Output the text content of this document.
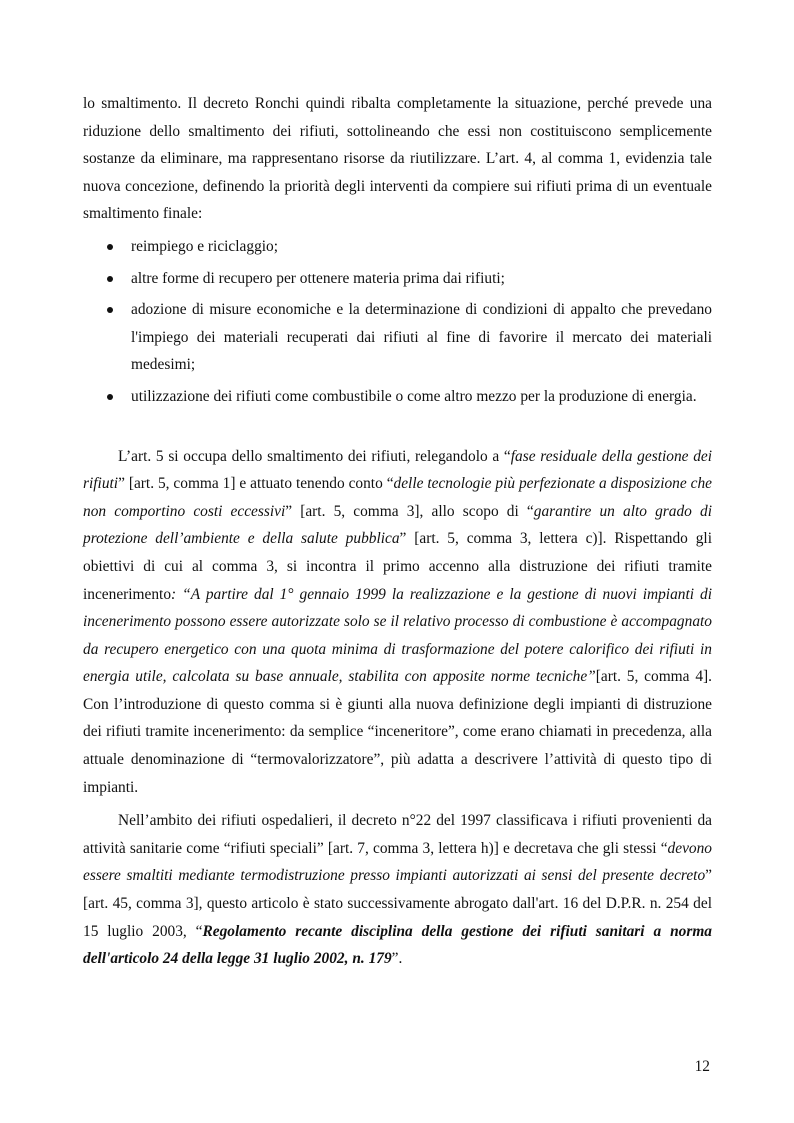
lo smaltimento. Il decreto Ronchi quindi ribalta completamente la situazione, perché prevede una riduzione dello smaltimento dei rifiuti, sottolineando che essi non costituiscono semplicemente sostanze da eliminare, ma rappresentano risorse da riutilizzare. L’art. 4, al comma 1, evidenzia tale nuova concezione, definendo la priorità degli interventi da compiere sui rifiuti prima di un eventuale smaltimento finale:

reimpiego e riciclaggio;
altre forme di recupero per ottenere materia prima dai rifiuti;
adozione di misure economiche e la determinazione di condizioni di appalto che prevedano l'impiego dei materiali recuperati dai rifiuti al fine di favorire il mercato dei materiali medesimi;
utilizzazione dei rifiuti come combustibile o come altro mezzo per la produzione di energia.

L’art. 5 si occupa dello smaltimento dei rifiuti, relegandolo a “fase residuale della gestione dei rifiuti” [art. 5, comma 1] e attuato tenendo conto “delle tecnologie più perfezionate a disposizione che non comportino costi eccessivi” [art. 5, comma 3], allo scopo di “garantire un alto grado di protezione dell’ambiente e della salute pubblica” [art. 5, comma 3, lettera c)]. Rispettando gli obiettivi di cui al comma 3, si incontra il primo accenno alla distruzione dei rifiuti tramite incenerimento: “A partire dal 1° gennaio 1999 la realizzazione e la gestione di nuovi impianti di incenerimento possono essere autorizzate solo se il relativo processo di combustione è accompagnato da recupero energetico con una quota minima di trasformazione del potere calorifico dei rifiuti in energia utile, calcolata su base annuale, stabilita con apposite norme tecniche”[art. 5, comma 4]. Con l’introduzione di questo comma si è giunti alla nuova definizione degli impianti di distruzione dei rifiuti tramite incenerimento: da semplice “inceneritore”, come erano chiamati in precedenza, alla attuale denominazione di “termovalorizzatore”, più adatta a descrivere l’attività di questo tipo di impianti.

Nell’ambito dei rifiuti ospedalieri, il decreto n°22 del 1997 classificava i rifiuti provenienti da attività sanitarie come “rifiuti speciali” [art. 7, comma 3, lettera h)] e decretava che gli stessi “devono essere smaltiti mediante termodistruzione presso impianti autorizzati ai sensi del presente decreto” [art. 45, comma 3], questo articolo è stato successivamente abrogato dall'art. 16 del D.P.R. n. 254 del 15 luglio 2003, “Regolamento recante disciplina della gestione dei rifiuti sanitari a norma dell'articolo 24 della legge 31 luglio 2002, n. 179”.

12
